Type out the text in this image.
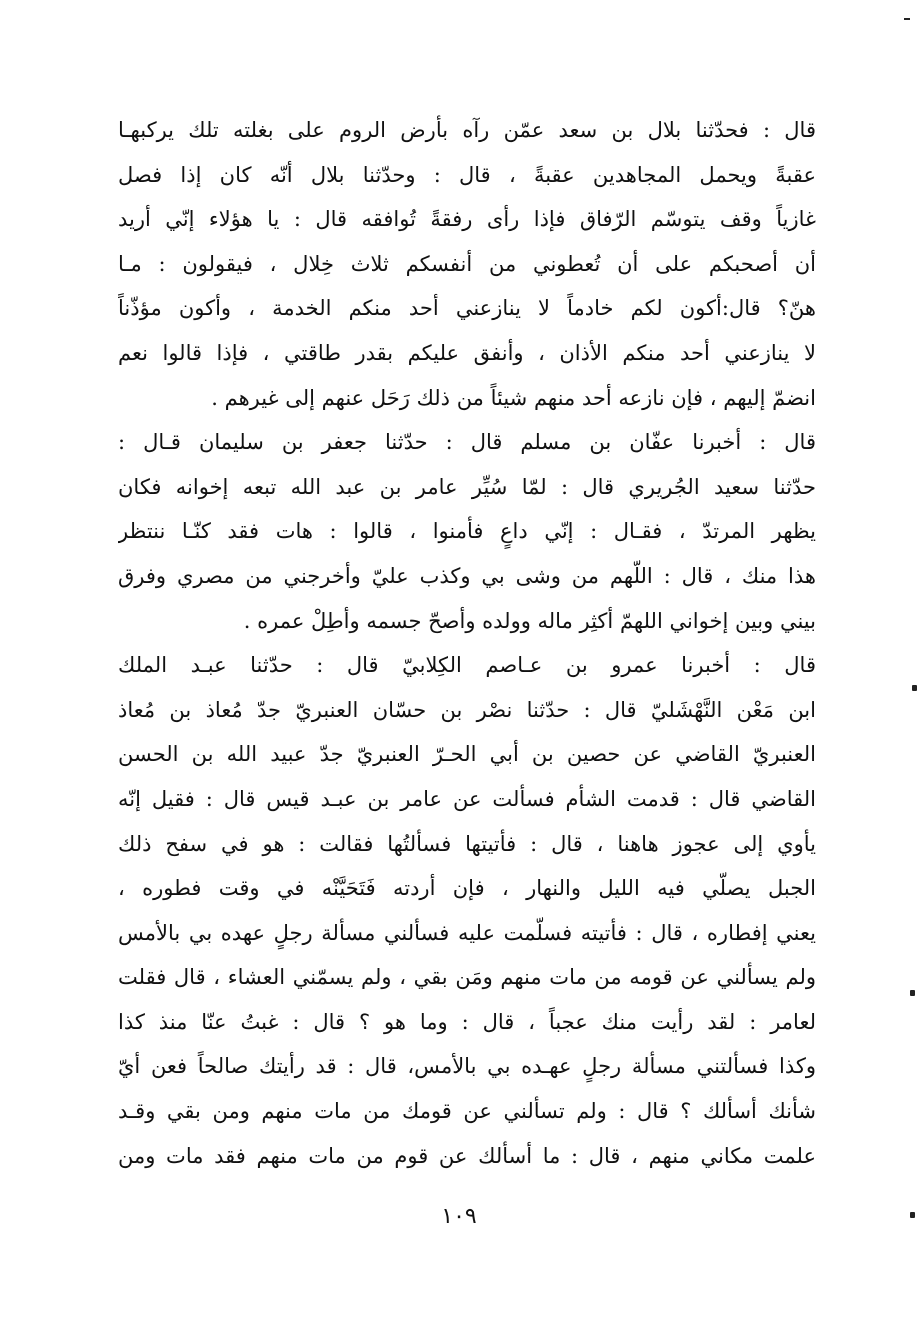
قال : فحدّثنا بلال بن سعد عمّن رآه بأرض الروم على بغلته تلك يركبهـا
عقبةً ويحمل المجاهدين عقبةً ، قال : وحدّثنا بلال أنّه كان إذا فصل
غازياً وقف يتوسّم الرّفاق فإذا رأى رفقةً تُوافقه قال : يا هؤلاء إنّي أريد
أن أصحبكم على أن تُعطوني من أنفسكم ثلاث خِلال ، فيقولون : مـا
هنّ؟ قال:أكون لكم خادماً لا ينازعني أحد منكم الخدمة ، وأكون مؤذّناً
لا ينازعني أحد منكم الأذان ، وأنفق عليكم بقدر طاقتي ، فإذا قالوا نعم
انضمّ إليهم ، فإن نازعه أحد منهم شيئاً من ذلك رَحَل عنهم إلى غيرهم .
قال : أخبرنا عفّان بن مسلم قال : حدّثنا جعفر بن سليمان قـال :
حدّثنا سعيد الجُريري قال : لمّا سُيِّر عامر بن عبد الله تبعه إخوانه فكان
يظهر المرتدّ ، فقـال : إنّي داعٍ فأمنوا ، قالوا : هات فقد كنّـا ننتظر
هذا منك ، قال : اللّهم من وشى بي وكذب عليّ وأخرجني من مصري وفرق
بيني وبين إخواني اللهمّ أكثِر ماله وولده وأصحّ جسمه وأطِلْ عمره .
قال : أخبرنا عمرو بن عـاصم الكِلابيّ قال : حدّثنا عبـد الملك
ابن مَعْن النَّهْشَليّ قال : حدّثنا نصْر بن حسّان العنبريّ جدّ مُعاذ بن مُعاذ
العنبريّ القاضي عن حصين بن أبي الحـرّ العنبريّ جدّ عبيد الله بن الحسن
القاضي قال : قدمت الشأم فسألت عن عامر بن عبـد قيس قال : فقيل إنّه
يأوي إلى عجوز هاهنا ، قال : فأتيتها فسألتُها فقالت : هو في سفح ذلك
الجبل يصلّي فيه الليل والنهار ، فإن أردته فَتَحَيَّنْه في وقت فطوره ،
يعني إفطاره ، قال : فأتيته فسلّمت عليه فسألني مسألة رجلٍ عهده بي بالأمس
ولم يسألني عن قومه من مات منهم ومَن بقي ، ولم يسمّني العشاء ، قال فقلت
لعامر : لقد رأيت منك عجباً ، قال : وما هو ؟ قال : غبتُ عنّا منذ كذا
وكذا فسألتني مسألة رجلٍ عهـده بي بالأمس، قال : قد رأيتك صالحاً فعن أيّ
شأنك أسألك ؟ قال : ولم تسألني عن قومك من مات منهم ومن بقي وقـد
علمت مكاني منهم ، قال : ما أسألك عن قوم من مات منهم فقد مات ومن
١٠٩
